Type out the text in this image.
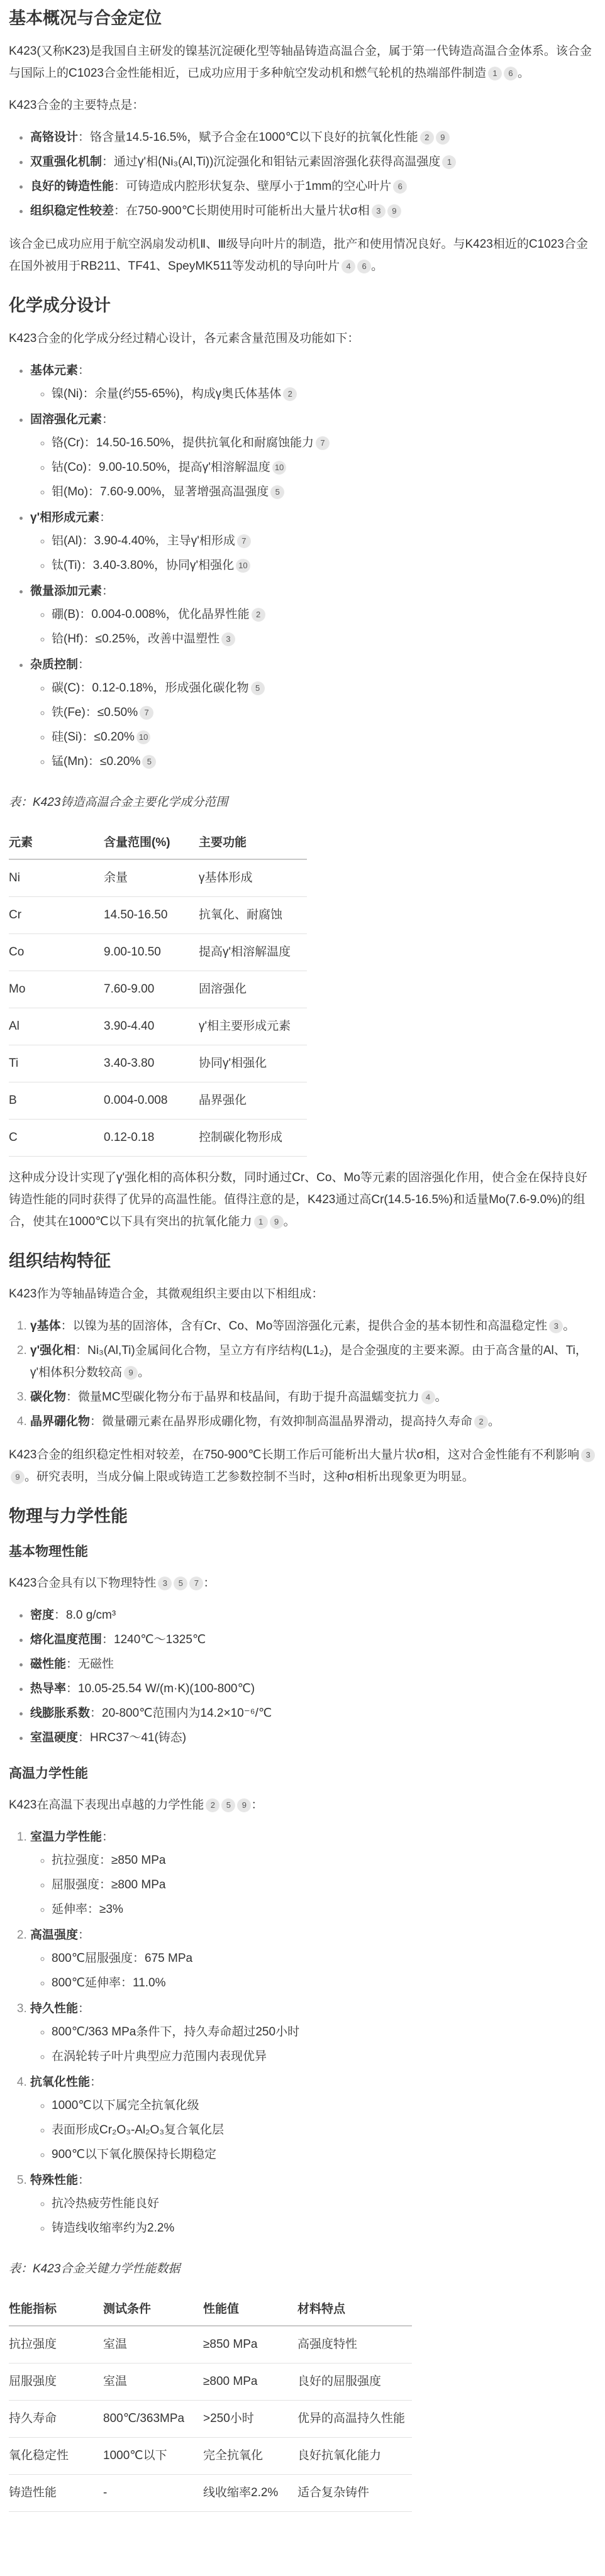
基本概况与合金定位

K423(又称K23)是我国自主研发的镍基沉淀硬化型等轴晶铸造高温合金，属于第一代铸造高温合金体系。该合金与国际上的C1023合金性能相近，已成功应用于多种航空发动机和燃气轮机的热端部件制造 1 6 。

K423合金的主要特点是：

• 高铬设计：铬含量14.5-16.5%，赋予合金在1000℃以下良好的抗氧化性能 2 9
• 双重强化机制：通过γ'相(Ni₃(Al,Ti))沉淀强化和钼钴元素固溶强化获得高温强度 1
• 良好的铸造性能：可铸造成内腔形状复杂、壁厚小于1mm的空心叶片 6
• 组织稳定性较差：在750-900℃长期使用时可能析出大量片状σ相 3 9

该合金已成功应用于航空涡扇发动机Ⅱ、Ⅲ级导向叶片的制造，批产和使用情况良好。与K423相近的C1023合金在国外被用于RB211、TF41、SpeyMK511等发动机的导向叶片 4 6 。

化学成分设计

K423合金的化学成分经过精心设计，各元素含量范围及功能如下：

• 基体元素：
◦ 镍(Ni)：余量(约55-65%)，构成γ奥氏体基体 2
• 固溶强化元素：
◦ 铬(Cr)：14.50-16.50%，提供抗氧化和耐腐蚀能力 7
◦ 钴(Co)：9.00-10.50%，提高γ'相溶解温度 10
◦ 钼(Mo)：7.60-9.00%，显著增强高温强度 5
• γ'相形成元素：
◦ 铝(Al)：3.90-4.40%，主导γ'相形成 7
◦ 钛(Ti)：3.40-3.80%，协同γ'相强化 10
• 微量添加元素：
◦ 硼(B)：0.004-0.008%，优化晶界性能 2
◦ 铪(Hf)：≤0.25%，改善中温塑性 3
• 杂质控制：
◦ 碳(C)：0.12-0.18%，形成强化碳化物 5
◦ 铁(Fe)：≤0.50% 7
◦ 硅(Si)：≤0.20% 10
◦ 锰(Mn)：≤0.20% 5

表：K423铸造高温合金主要化学成分范围

元素	含量范围(%)	主要功能
Ni	余量	γ基体形成
Cr	14.50-16.50	抗氧化、耐腐蚀
Co	9.00-10.50	提高γ'相溶解温度
Mo	7.60-9.00	固溶强化
Al	3.90-4.40	γ'相主要形成元素
Ti	3.40-3.80	协同γ'相强化
B	0.004-0.008	晶界强化
C	0.12-0.18	控制碳化物形成

这种成分设计实现了γ'强化相的高体积分数，同时通过Cr、Co、Mo等元素的固溶强化作用，使合金在保持良好铸造性能的同时获得了优异的高温性能。值得注意的是，K423通过高Cr(14.5-16.5%)和适量Mo(7.6-9.0%)的组合，使其在1000℃以下具有突出的抗氧化能力 1 9 。

组织结构特征

K423作为等轴晶铸造合金，其微观组织主要由以下相组成：

1. γ基体：以镍为基的固溶体，含有Cr、Co、Mo等固溶强化元素，提供合金的基本韧性和高温稳定性 3 。
2. γ'强化相：Ni₃(Al,Ti)金属间化合物，呈立方有序结构(L1₂)，是合金强度的主要来源。由于高含量的Al、Ti，γ'相体积分数较高 9 。
3. 碳化物：微量MC型碳化物分布于晶界和枝晶间，有助于提升高温蠕变抗力 4 。
4. 晶界硼化物：微量硼元素在晶界形成硼化物，有效抑制高温晶界滑动，提高持久寿命 2 。

K423合金的组织稳定性相对较差，在750-900℃长期工作后可能析出大量片状σ相，这对合金性能有不利影响 39 。研究表明，当成分偏上限或铸造工艺参数控制不当时，这种σ相析出现象更为明显。

物理与力学性能
基本物理性能

K423合金具有以下物理特性 3 5 7 ：

• 密度：8.0 g/cm³
• 熔化温度范围：1240℃～1325℃
• 磁性能：无磁性
• 热导率：10.05-25.54 W/(m·K)(100-800℃)
• 线膨胀系数：20-800℃范围内为14.2×10⁻⁶/℃
• 室温硬度：HRC37～41(铸态)
高温力学性能

K423在高温下表现出卓越的力学性能 2 5 9 ：

1. 室温力学性能：
◦ 抗拉强度：≥850 MPa
◦ 屈服强度：≥800 MPa
◦ 延伸率：≥3%
2. 高温强度：
◦ 800℃屈服强度：675 MPa
◦ 800℃延伸率：11.0%
3. 持久性能：
◦ 800℃/363 MPa条件下，持久寿命超过250小时
◦ 在涡轮转子叶片典型应力范围内表现优异
4. 抗氧化性能：
◦ 1000℃以下属完全抗氧化级
◦ 表面形成Cr₂O₃-Al₂O₃复合氧化层
◦ 900℃以下氧化膜保持长期稳定
5. 特殊性能：
◦ 抗冷热疲劳性能良好
◦ 铸造线收缩率约为2.2%

表：K423合金关键力学性能数据

性能指标	测试条件	性能值	材料特点
抗拉强度	室温	≥850 MPa	高强度特性
屈服强度	室温	≥800 MPa	良好的屈服强度
持久寿命	800℃/363MPa	>250小时	优异的高温持久性能
氧化稳定性	1000℃以下	完全抗氧化	良好抗氧化能力
铸造性能	-	线收缩率2.2%	适合复杂铸件
